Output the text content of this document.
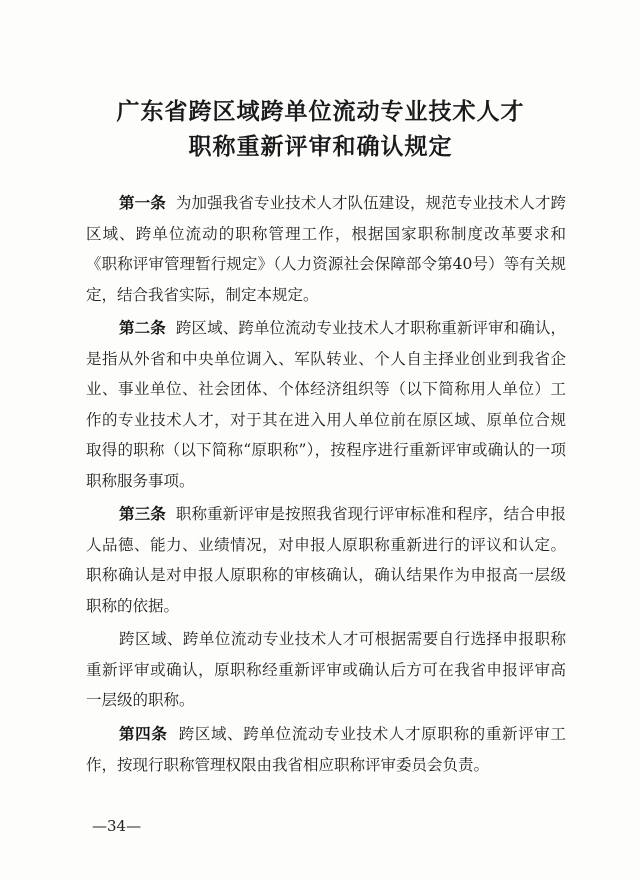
广东省跨区域跨单位流动专业技术人才
职称重新评审和确认规定

第一条 为加强我省专业技术人才队伍建设，规范专业技术人才跨区域、跨单位流动的职称管理工作，根据国家职称制度改革要求和《职称评审管理暂行规定》（人力资源社会保障部令第40号）等有关规定，结合我省实际，制定本规定。

第二条 跨区域、跨单位流动专业技术人才职称重新评审和确认，是指从外省和中央单位调入、军队转业、个人自主择业创业到我省企业、事业单位、社会团体、个体经济组织等（以下简称用人单位）工作的专业技术人才，对于其在进入用人单位前在原区域、原单位合规取得的职称（以下简称“原职称”），按程序进行重新评审或确认的一项职称服务事项。

第三条 职称重新评审是按照我省现行评审标准和程序，结合申报人品德、能力、业绩情况，对申报人原职称重新进行的评议和认定。职称确认是对申报人原职称的审核确认，确认结果作为申报高一层级职称的依据。

跨区域、跨单位流动专业技术人才可根据需要自行选择申报职称重新评审或确认，原职称经重新评审或确认后方可在我省申报评审高一层级的职称。

第四条 跨区域、跨单位流动专业技术人才原职称的重新评审工作，按现行职称管理权限由我省相应职称评审委员会负责。

—34—
